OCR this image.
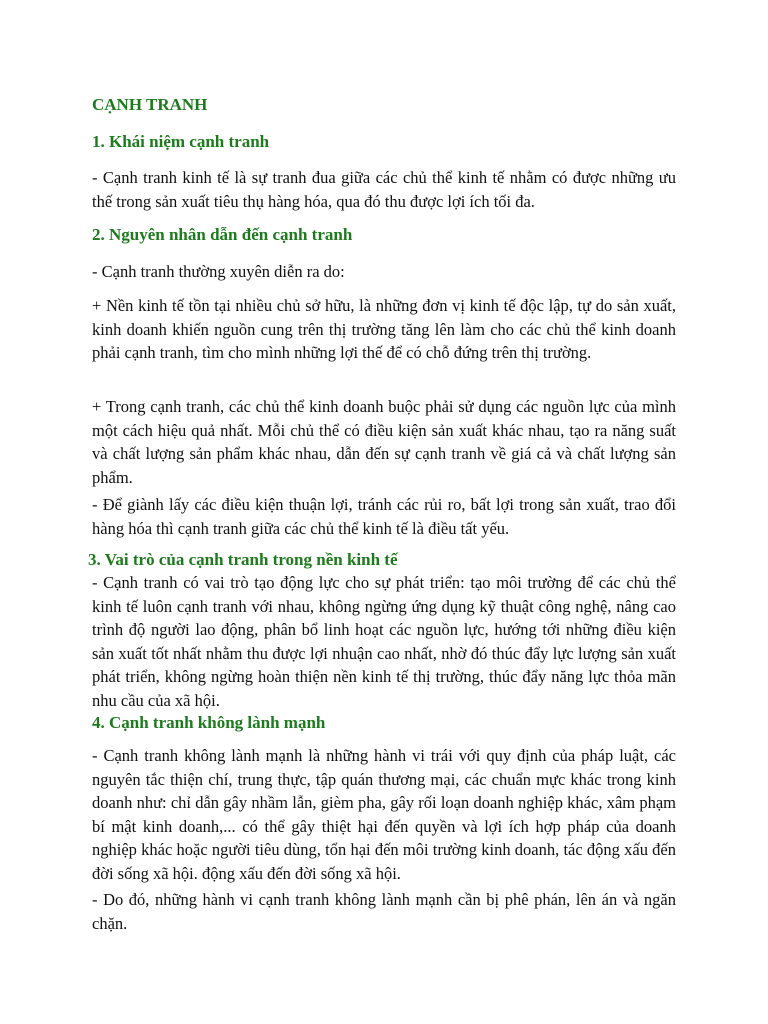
CẠNH TRANH
1. Khái niệm cạnh tranh

- Cạnh tranh kinh tế là sự tranh đua giữa các chủ thể kinh tế nhằm có được những ưu thế trong sản xuất tiêu thụ hàng hóa, qua đó thu được lợi ích tối đa.

2. Nguyên nhân dẫn đến cạnh tranh

- Cạnh tranh thường xuyên diễn ra do:

+ Nền kinh tế tồn tại nhiều chủ sở hữu, là những đơn vị kinh tế độc lập, tự do sản xuất, kinh doanh khiến nguồn cung trên thị trường tăng lên làm cho các chủ thể kinh doanh phải cạnh tranh, tìm cho mình những lợi thế để có chỗ đứng trên thị trường.

+ Trong cạnh tranh, các chủ thể kinh doanh buộc phải sử dụng các nguồn lực của mình một cách hiệu quả nhất. Mỗi chủ thể có điều kiện sản xuất khác nhau, tạo ra năng suất và chất lượng sản phẩm khác nhau, dẫn đến sự cạnh tranh về giá cả và chất lượng sản phẩm.

- Để giành lấy các điều kiện thuận lợi, tránh các rủi ro, bất lợi trong sản xuất, trao đổi hàng hóa thì cạnh tranh giữa các chủ thể kinh tế là điều tất yếu.

3. Vai trò của cạnh tranh trong nền kinh tế

- Cạnh tranh có vai trò tạo động lực cho sự phát triển: tạo môi trường để các chủ thể kinh tế luôn cạnh tranh với nhau, không ngừng ứng dụng kỹ thuật công nghệ, nâng cao trình độ người lao động, phân bổ linh hoạt các nguồn lực, hướng tới những điều kiện sản xuất tốt nhất nhằm thu được lợi nhuận cao nhất, nhờ đó thúc đẩy lực lượng sản xuất phát triển, không ngừng hoàn thiện nền kinh tế thị trường, thúc đẩy năng lực thỏa mãn nhu cầu của xã hội.

4. Cạnh tranh không lành mạnh

- Cạnh tranh không lành mạnh là những hành vi trái với quy định của pháp luật, các nguyên tắc thiện chí, trung thực, tập quán thương mại, các chuẩn mực khác trong kinh doanh như: chỉ dẫn gây nhầm lẫn, gièm pha, gây rối loạn doanh nghiệp khác, xâm phạm bí mật kinh doanh,... có thể gây thiệt hại đến quyền và lợi ích hợp pháp của doanh nghiệp khác hoặc người tiêu dùng, tổn hại đến môi trường kinh doanh, tác động xấu đến đời sống xã hội. động xấu đến đời sống xã hội.

- Do đó, những hành vi cạnh tranh không lành mạnh cần bị phê phán, lên án và ngăn chặn.
